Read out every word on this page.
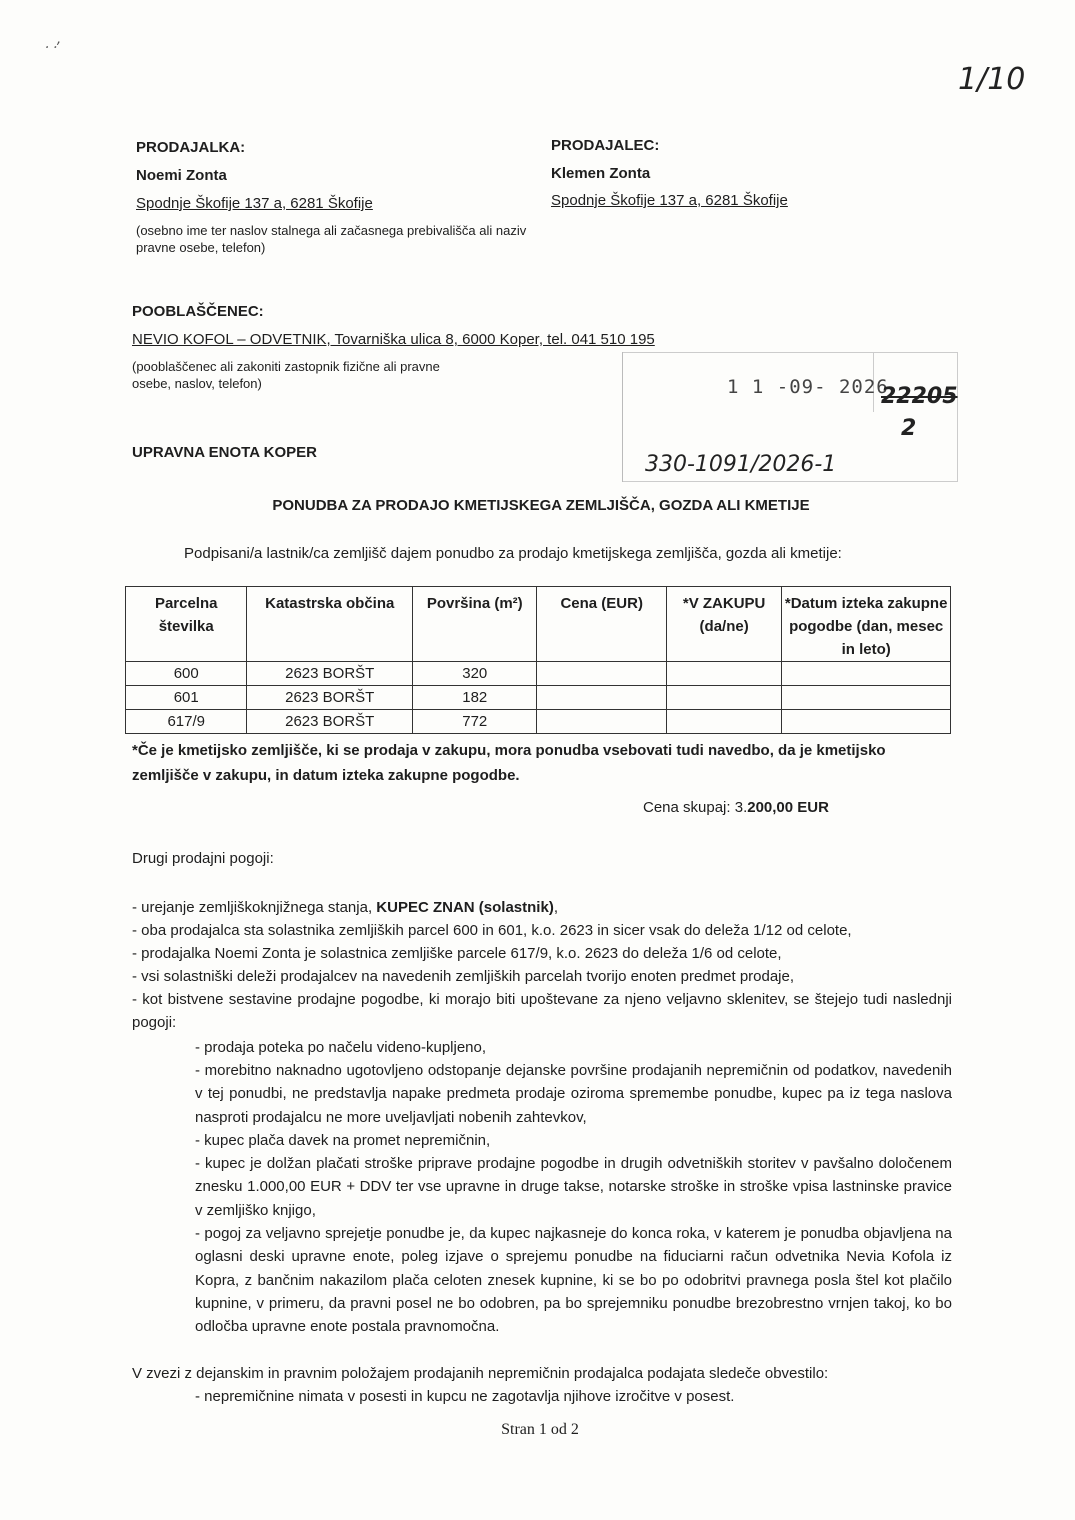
⸱ ⸱ʼ
1/10
PRODAJALKA:
Noemi Zonta
Spodnje Škofije 137 a, 6281 Škofije
(osebno ime ter naslov stalnega ali začasnega prebivališča ali naziv pravne osebe, telefon)
PRODAJALEC:
Klemen Zonta
Spodnje Škofije 137 a, 6281 Škofije
POOBLAŠČENEC:
NEVIO KOFOL – ODVETNIK, Tovarniška ulica 8, 6000 Koper, tel. 041 510 195
(pooblaščenec ali zakoniti zastopnik fizične ali pravne osebe, naslov, telefon)
UPRAVNA ENOTA KOPER
1 1 -09- 2026
22205
2
330-1091/2026-1
PONUDBA ZA PRODAJO KMETIJSKEGA ZEMLJIŠČA, GOZDA ALI KMETIJE
Podpisani/a lastnik/ca zemljišč dajem ponudbo za prodajo kmetijskega zemljišča, gozda ali kmetije:
Parcelna številka	Katastrska občina	Površina (m²)	Cena (EUR)	*V ZAKUPU (da/ne)	*Datum izteka zakupne pogodbe (dan, mesec in leto)
600	2623 BORŠT	320			
601	2623 BORŠT	182			
617/9	2623 BORŠT	772			
*Če je kmetijsko zemljišče, ki se prodaja v zakupu, mora ponudba vsebovati tudi navedbo, da je kmetijsko zemljišče v zakupu, in datum izteka zakupne pogodbe.
Cena skupaj: 3.200,00 EUR
Drugi prodajni pogoji:
- urejanje zemljiškoknjižnega stanja, KUPEC ZNAN (solastnik),
- oba prodajalca sta solastnika zemljiških parcel 600 in 601, k.o. 2623 in sicer vsak do deleža 1/12 od celote,
- prodajalka Noemi Zonta je solastnica zemljiške parcele 617/9, k.o. 2623 do deleža 1/6 od celote,
- vsi solastniški deleži prodajalcev na navedenih zemljiških parcelah tvorijo enoten predmet prodaje,
- kot bistvene sestavine prodajne pogodbe, ki morajo biti upoštevane za njeno veljavno sklenitev, se štejejo tudi naslednji pogoji:
- prodaja poteka po načelu videno-kupljeno,
- morebitno naknadno ugotovljeno odstopanje dejanske površine prodajanih nepremičnin od podatkov, navedenih v tej ponudbi, ne predstavlja napake predmeta prodaje oziroma spremembe ponudbe, kupec pa iz tega naslova nasproti prodajalcu ne more uveljavljati nobenih zahtevkov,
- kupec plača davek na promet nepremičnin,
- kupec je dolžan plačati stroške priprave prodajne pogodbe in drugih odvetniških storitev v pavšalno določenem znesku 1.000,00 EUR + DDV ter vse upravne in druge takse, notarske stroške in stroške vpisa lastninske pravice v zemljiško knjigo,
- pogoj za veljavno sprejetje ponudbe je, da kupec najkasneje do konca roka, v katerem je ponudba objavljena na oglasni deski upravne enote, poleg izjave o sprejemu ponudbe na fiduciarni račun odvetnika Nevia Kofola iz Kopra, z bančnim nakazilom plača celoten znesek kupnine, ki se bo po odobritvi pravnega posla štel kot plačilo kupnine, v primeru, da pravni posel ne bo odobren, pa bo sprejemniku ponudbe brezobrestno vrnjen takoj, ko bo odločba upravne enote postala pravnomočna.
V zvezi z dejanskim in pravnim položajem prodajanih nepremičnin prodajalca podajata sledeče obvestilo:
- nepremičnine nimata v posesti in kupcu ne zagotavlja njihove izročitve v posest.
Stran 1 od 2
